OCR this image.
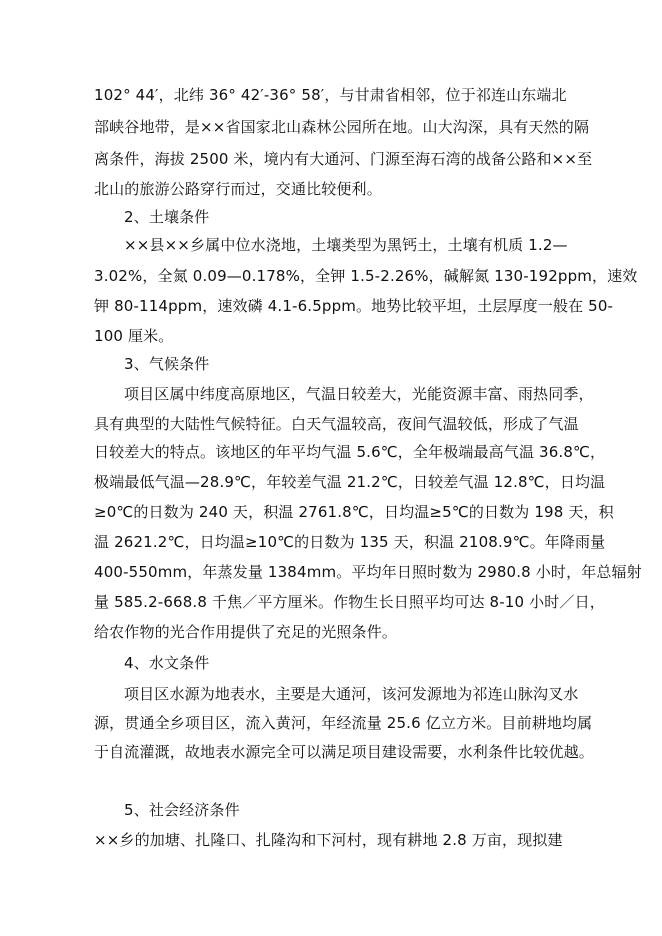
102° 44′，北纬 36° 42′-36° 58′，与甘肃省相邻，位于祁连山东端北
部峡谷地带，是××省国家北山森林公园所在地。山大沟深，具有天然的隔
离条件，海拔 2500 米，境内有大通河、门源至海石湾的战备公路和××至
北山的旅游公路穿行而过，交通比较便利。
2、土壤条件
××县××乡属中位水浇地，土壤类型为黑钙土，土壤有机质 1.2—
3.02%，全氮 0.09—0.178%，全钾 1.5-2.26%，碱解氮 130-192ppm，速效
钾 80-114ppm，速效磷 4.1-6.5ppm。地势比较平坦，土层厚度一般在 50-
100 厘米。
3、气候条件
项目区属中纬度高原地区，气温日较差大，光能资源丰富、雨热同季，
具有典型的大陆性气候特征。白天气温较高，夜间气温较低，形成了气温
日较差大的特点。该地区的年平均气温 5.6℃，全年极端最高气温 36.8℃，
极端最低气温—28.9℃，年较差气温 21.2℃，日较差气温 12.8℃，日均温
≥0℃的日数为 240 天，积温 2761.8℃，日均温≥5℃的日数为 198 天，积
温 2621.2℃，日均温≥10℃的日数为 135 天，积温 2108.9℃。年降雨量
400-550mm，年蒸发量 1384mm。平均年日照时数为 2980.8 小时，年总辐射
量 585.2-668.8 千焦／平方厘米。作物生长日照平均可达 8-10 小时／日，
给农作物的光合作用提供了充足的光照条件。
4、水文条件
项目区水源为地表水，主要是大通河，该河发源地为祁连山脉沟叉水
源，贯通全乡项目区，流入黄河，年经流量 25.6 亿立方米。目前耕地均属
于自流灌溉，故地表水源完全可以满足项目建设需要，水利条件比较优越。
5、社会经济条件
××乡的加塘、扎隆口、扎隆沟和下河村，现有耕地 2.8 万亩，现拟建
